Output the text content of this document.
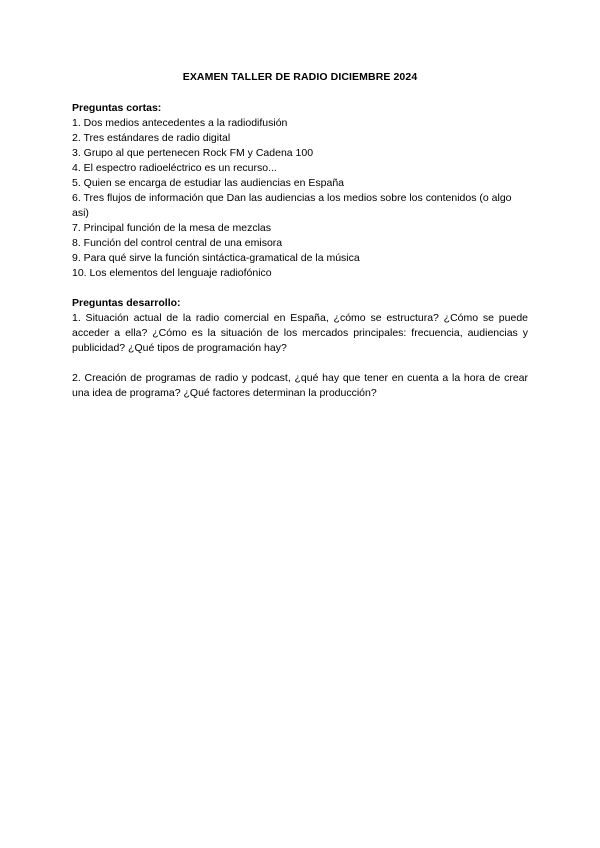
EXAMEN TALLER DE RADIO DICIEMBRE 2024

Preguntas cortas:

1. Dos medios antecedentes a la radiodifusión
2. Tres estándares de radio digital
3. Grupo al que pertenecen Rock FM y Cadena 100
4. El espectro radioeléctrico es un recurso...
5. Quien se encarga de estudiar las audiencias en España
6. Tres flujos de información que Dan las audiencias a los medios sobre los contenidos (o algo asi)
7. Principal función de la mesa de mezclas
8. Función del control central de una emisora
9. Para qué sirve la función sintáctica-gramatical de la música
10. Los elementos del lenguaje radiofónico

Preguntas desarrollo:

1. Situación actual de la radio comercial en España, ¿cómo se estructura? ¿Cómo se puede acceder a ella? ¿Cómo es la situación de los mercados principales: frecuencia, audiencias y publicidad? ¿Qué tipos de programación hay?

2. Creación de programas de radio y podcast, ¿qué hay que tener en cuenta a la hora de crear una idea de programa? ¿Qué factores determinan la producción?
